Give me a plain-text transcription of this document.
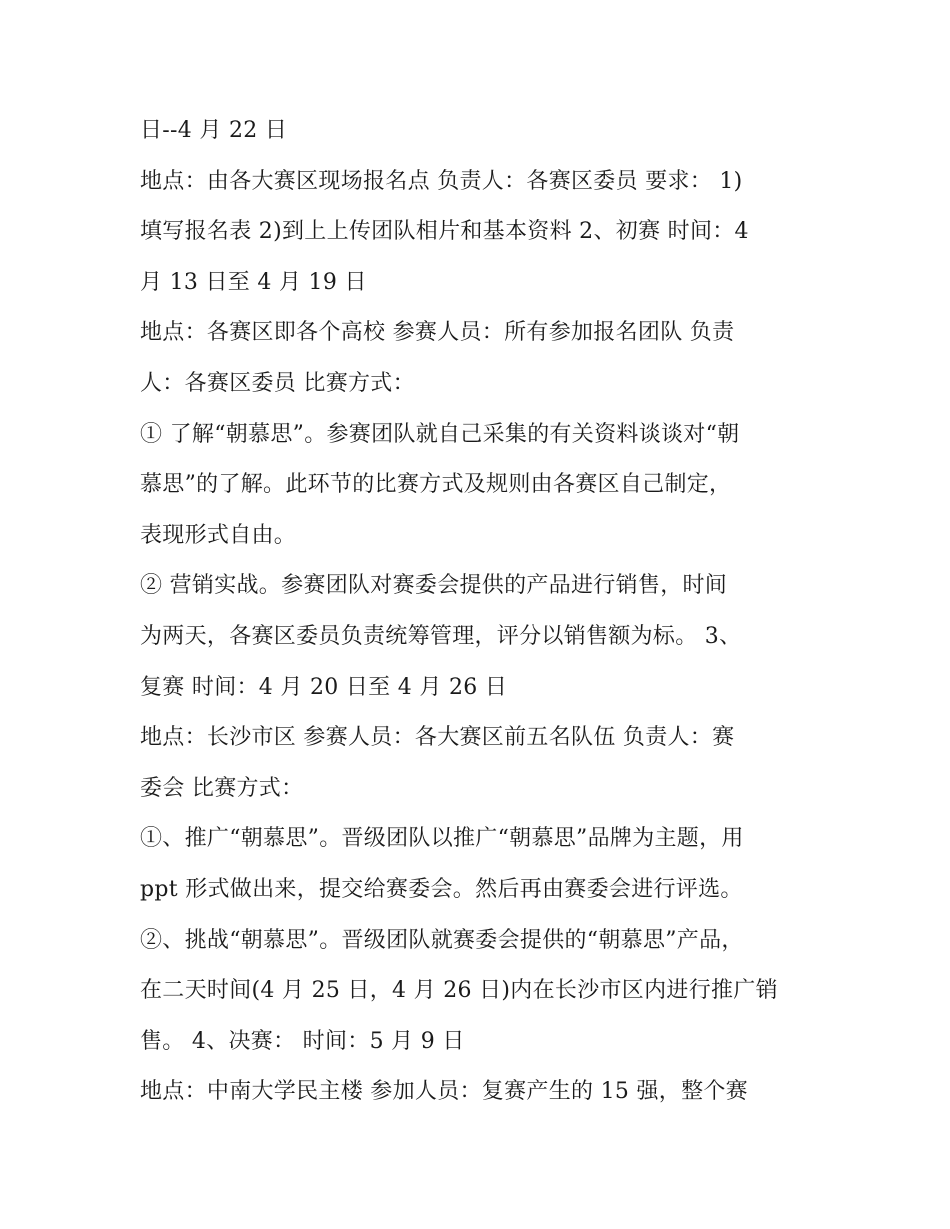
日--4 月 22 日
地点：由各大赛区现场报名点 负责人：各赛区委员 要求： 1)
填写报名表 2)到上上传团队相片和基本资料 2、初赛 时间：4
月 13 日至 4 月 19 日
地点：各赛区即各个高校 参赛人员：所有参加报名团队 负责
人：各赛区委员 比赛方式：
① 了解“朝慕思”。参赛团队就自己采集的有关资料谈谈对“朝
慕思”的了解。此环节的比赛方式及规则由各赛区自己制定，
表现形式自由。
② 营销实战。参赛团队对赛委会提供的产品进行销售，时间
为两天，各赛区委员负责统筹管理，评分以销售额为标。 3、
复赛 时间：4 月 20 日至 4 月 26 日
地点：长沙市区 参赛人员：各大赛区前五名队伍 负责人：赛
委会 比赛方式：
①、推广“朝慕思”。晋级团队以推广“朝慕思”品牌为主题，用
ppt 形式做出来，提交给赛委会。然后再由赛委会进行评选。
②、挑战“朝慕思”。晋级团队就赛委会提供的“朝慕思”产品，
在二天时间(4 月 25 日，4 月 26 日)内在长沙市区内进行推广销
售。 4、决赛： 时间：5 月 9 日
地点：中南大学民主楼 参加人员：复赛产生的 15 强，整个赛
